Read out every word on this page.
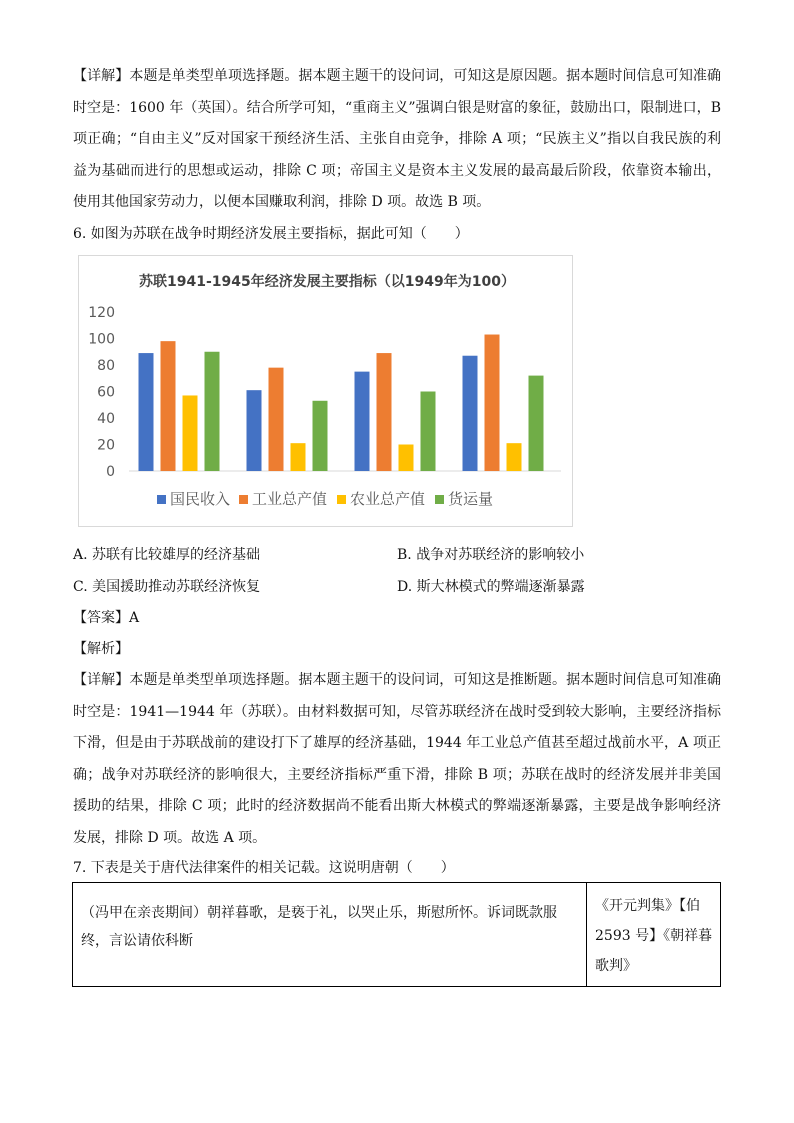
【详解】本题是单类型单项选择题。据本题主题干的设问词，可知这是原因题。据本题时间信息可知准确时空是：1600 年（英国）。结合所学可知，“重商主义”强调白银是财富的象征，鼓励出口，限制进口，B 项正确；“自由主义”反对国家干预经济生活、主张自由竞争，排除 A 项；“民族主义”指以自我民族的利益为基础而进行的思想或运动，排除 C 项；帝国主义是资本主义发展的最高最后阶段，依靠资本输出，使用其他国家劳动力，以便本国赚取利润，排除 D 项。故选 B 项。
6. 如图为苏联在战争时期经济发展主要指标，据此可知（　　）
苏联1941-1945年经济发展主要指标（以1949年为100）
0
20
40
60
80
100
120
国民收入 工业总产值 农业总产值 货运量
A. 苏联有比较雄厚的经济基础	B. 战争对苏联经济的影响较小
C. 美国援助推动苏联经济恢复	D. 斯大林模式的弊端逐渐暴露
【答案】A
【解析】
【详解】本题是单类型单项选择题。据本题主题干的设问词，可知这是推断题。据本题时间信息可知准确时空是：1941—1944 年（苏联）。由材料数据可知，尽管苏联经济在战时受到较大影响，主要经济指标下滑，但是由于苏联战前的建设打下了雄厚的经济基础，1944 年工业总产值甚至超过战前水平，A 项正确；战争对苏联经济的影响很大，主要经济指标严重下滑，排除 B 项；苏联在战时的经济发展并非美国援助的结果，排除 C 项；此时的经济数据尚不能看出斯大林模式的弊端逐渐暴露，主要是战争影响经济发展，排除 D 项。故选 A 项。
7. 下表是关于唐代法律案件的相关记载。这说明唐朝（　　）
（冯甲在亲丧期间）朝祥暮歌，是亵于礼，以哭止乐，斯慰所怀。诉词既款服终，言讼请依科断
《开元判集》【伯 2593 号】《朝祥暮歌判》
